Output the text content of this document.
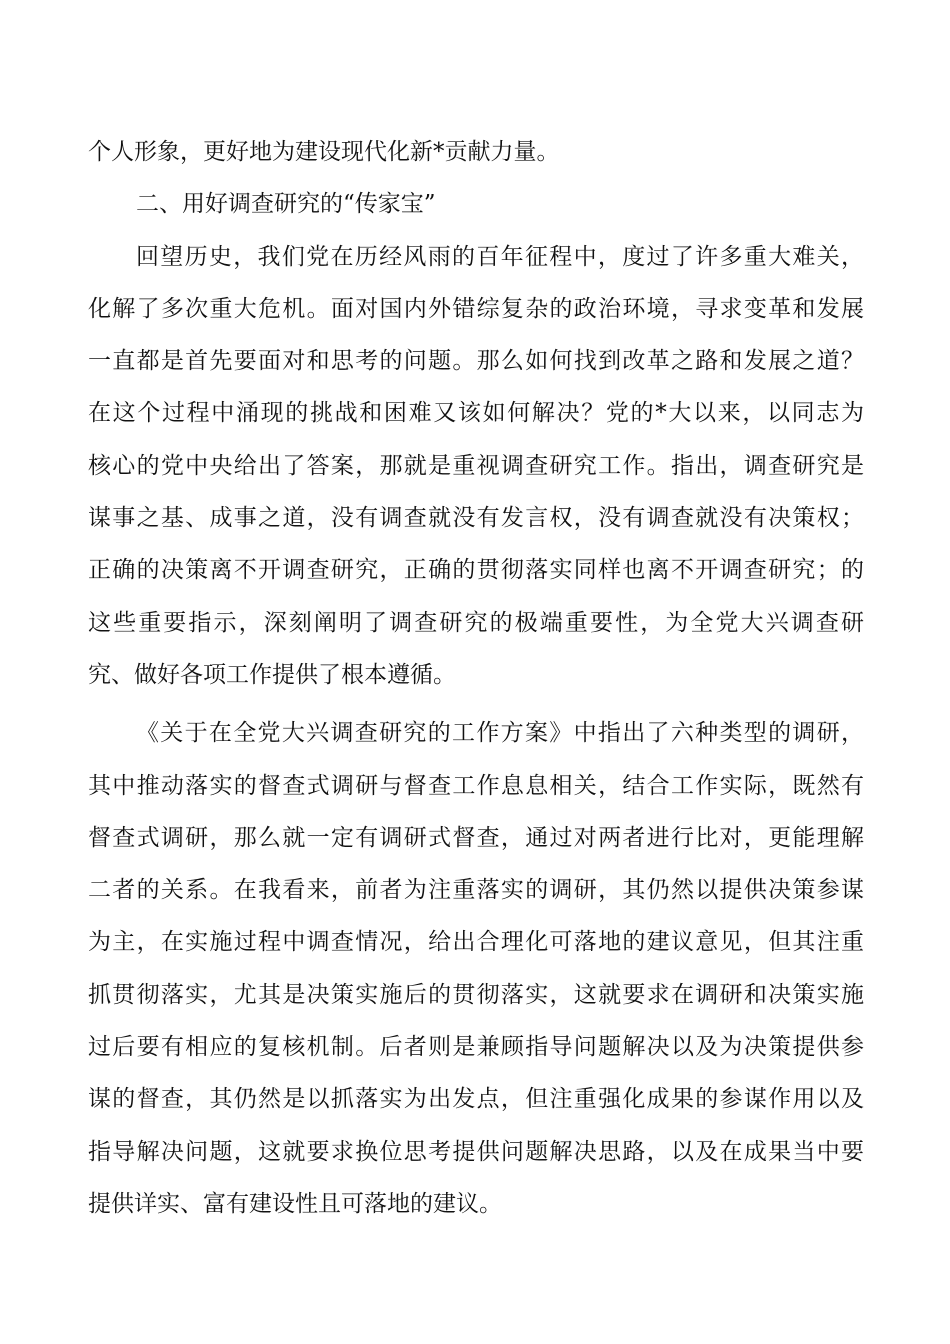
个人形象，更好地为建设现代化新*贡献力量。
二、用好调查研究的“传家宝”
回望历史，我们党在历经风雨的百年征程中，度过了许多重大难关，
化解了多次重大危机。面对国内外错综复杂的政治环境，寻求变革和发展
一直都是首先要面对和思考的问题。那么如何找到改革之路和发展之道？
在这个过程中涌现的挑战和困难又该如何解决？党的*大以来，以同志为
核心的党中央给出了答案，那就是重视调查研究工作。指出，调查研究是
谋事之基、成事之道，没有调查就没有发言权，没有调查就没有决策权；
正确的决策离不开调查研究，正确的贯彻落实同样也离不开调查研究；的
这些重要指示，深刻阐明了调查研究的极端重要性，为全党大兴调查研
究、做好各项工作提供了根本遵循。
《关于在全党大兴调查研究的工作方案》中指出了六种类型的调研，
其中推动落实的督查式调研与督查工作息息相关，结合工作实际，既然有
督查式调研，那么就一定有调研式督查，通过对两者进行比对，更能理解
二者的关系。在我看来，前者为注重落实的调研，其仍然以提供决策参谋
为主，在实施过程中调查情况，给出合理化可落地的建议意见，但其注重
抓贯彻落实，尤其是决策实施后的贯彻落实，这就要求在调研和决策实施
过后要有相应的复核机制。后者则是兼顾指导问题解决以及为决策提供参
谋的督查，其仍然是以抓落实为出发点，但注重强化成果的参谋作用以及
指导解决问题，这就要求换位思考提供问题解决思路，以及在成果当中要
提供详实、富有建设性且可落地的建议。
